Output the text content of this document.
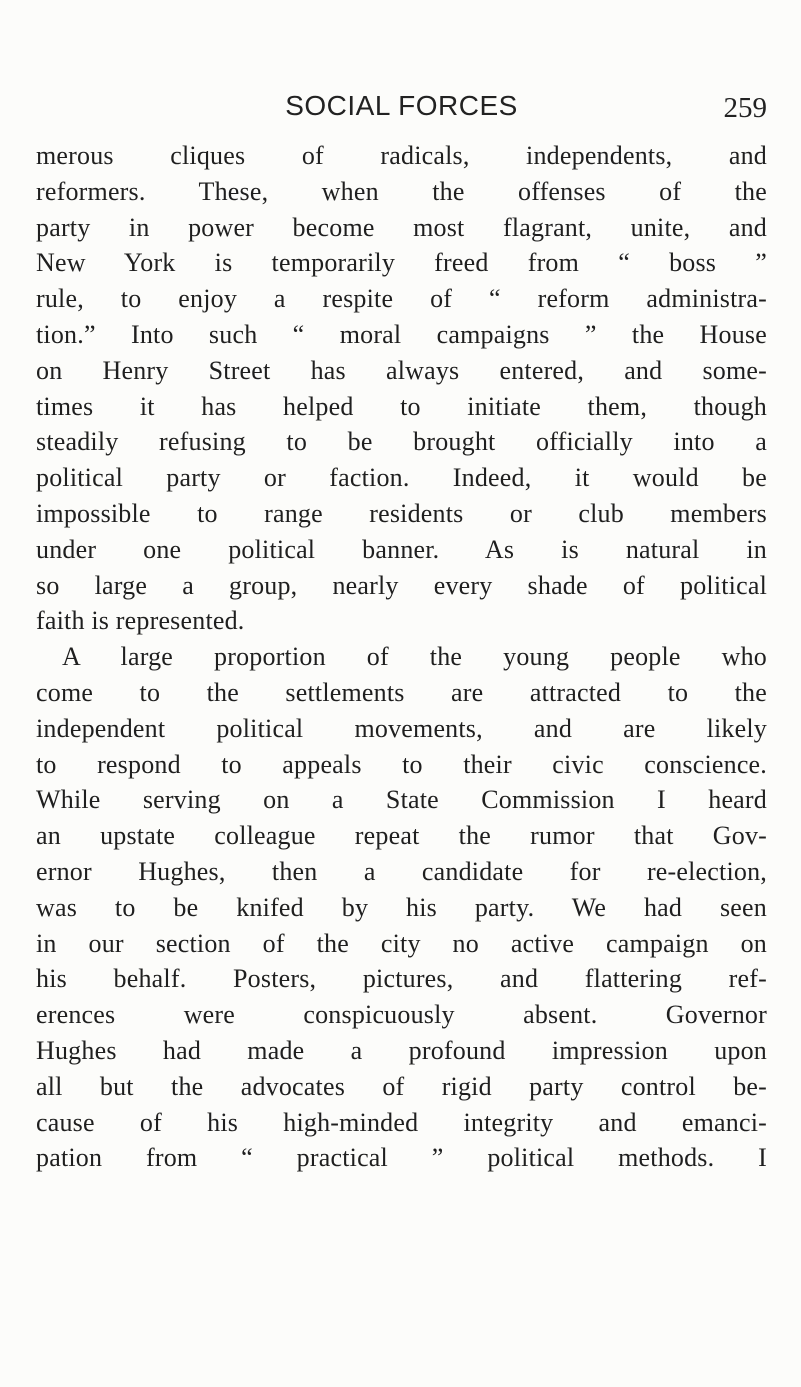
SOCIAL FORCES	259
merous cliques of radicals, independents, and
reformers. These, when the offenses of the
party in power become most flagrant, unite, and
New York is temporarily freed from “ boss ”
rule, to enjoy a respite of “ reform administra-
tion.” Into such “ moral campaigns ” the House
on Henry Street has always entered, and some-
times it has helped to initiate them, though
steadily refusing to be brought officially into a
political party or faction. Indeed, it would be
impossible to range residents or club members
under one political banner. As is natural in
so large a group, nearly every shade of political
faith is represented.
A large proportion of the young people who
come to the settlements are attracted to the
independent political movements, and are likely
to respond to appeals to their civic conscience.
While serving on a State Commission I heard
an upstate colleague repeat the rumor that Gov-
ernor Hughes, then a candidate for re-election,
was to be knifed by his party. We had seen
in our section of the city no active campaign on
his behalf. Posters, pictures, and flattering ref-
erences were conspicuously absent. Governor
Hughes had made a profound impression upon
all but the advocates of rigid party control be-
cause of his high-minded integrity and emanci-
pation from “ practical ” political methods. I
